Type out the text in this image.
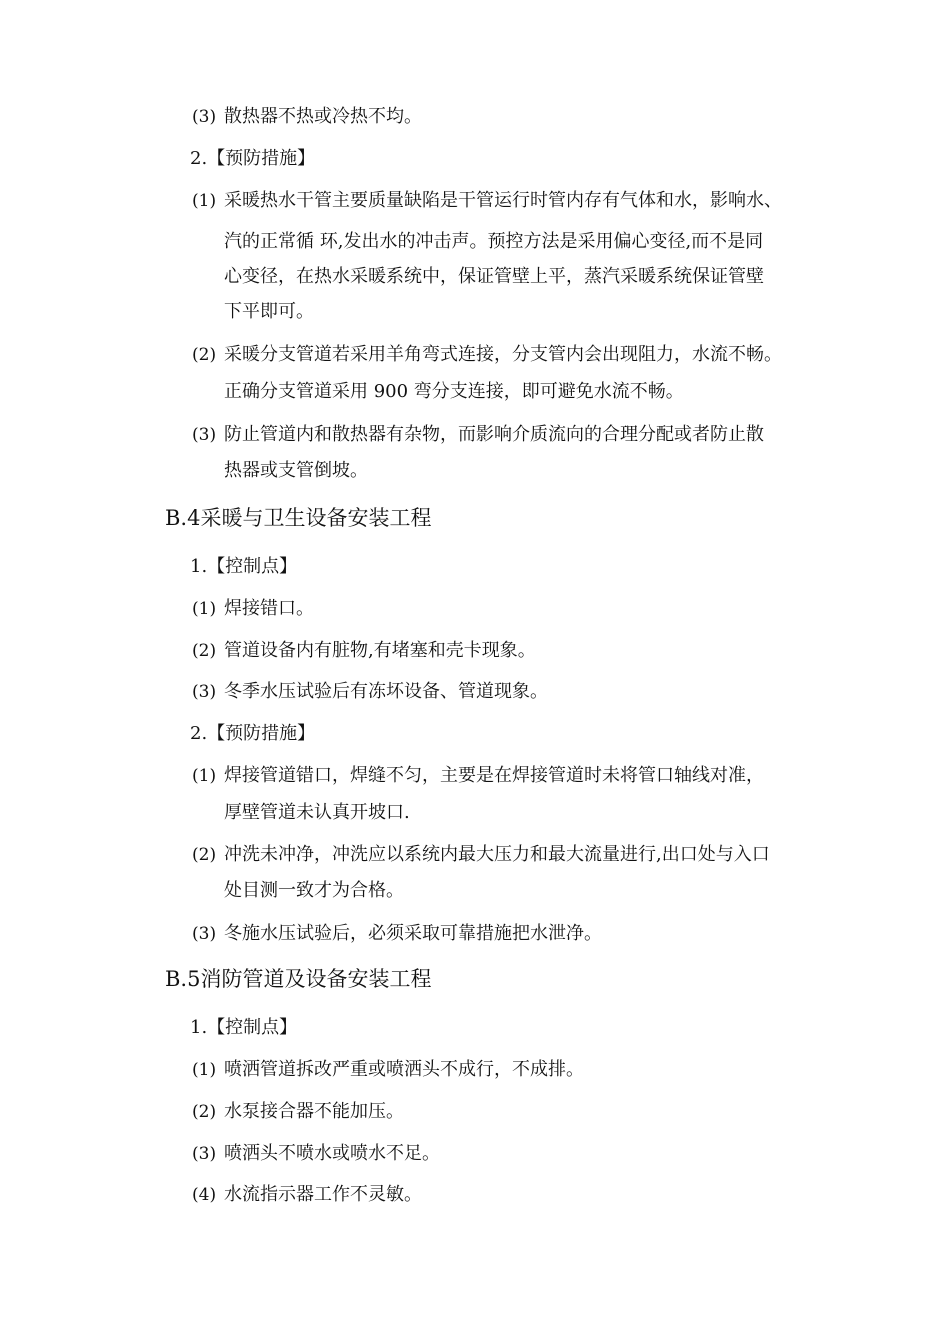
(3) 散热器不热或冷热不均。
2.【预防措施】
(1) 采暖热水干管主要质量缺陷是干管运行时管内存有气体和水，影响水、
汽的正常循 环,发出水的冲击声。预控方法是采用偏心变径,而不是同
心变径，在热水采暖系统中，保证管壁上平，蒸汽采暖系统保证管壁
下平即可。
(2) 采暖分支管道若采用羊角弯式连接，分支管内会出现阻力，水流不畅。
正确分支管道采用 900 弯分支连接，即可避免水流不畅。
(3) 防止管道内和散热器有杂物，而影响介质流向的合理分配或者防止散
热器或支管倒坡。
B.4采暖与卫生设备安装工程
1.【控制点】
(1) 焊接错口。
(2) 管道设备内有脏物,有堵塞和壳卡现象。
(3) 冬季水压试验后有冻坏设备、管道现象。
2.【预防措施】
(1) 焊接管道错口，焊缝不匀，主要是在焊接管道时未将管口轴线对准，
厚壁管道未认真开坡口.
(2) 冲洗未冲净，冲洗应以系统内最大压力和最大流量进行,出口处与入口
处目测一致才为合格。
(3) 冬施水压试验后，必须采取可靠措施把水泄净。
B.5消防管道及设备安装工程
1.【控制点】
(1) 喷洒管道拆改严重或喷洒头不成行，不成排。
(2) 水泵接合器不能加压。
(3) 喷洒头不喷水或喷水不足。
(4) 水流指示器工作不灵敏。
